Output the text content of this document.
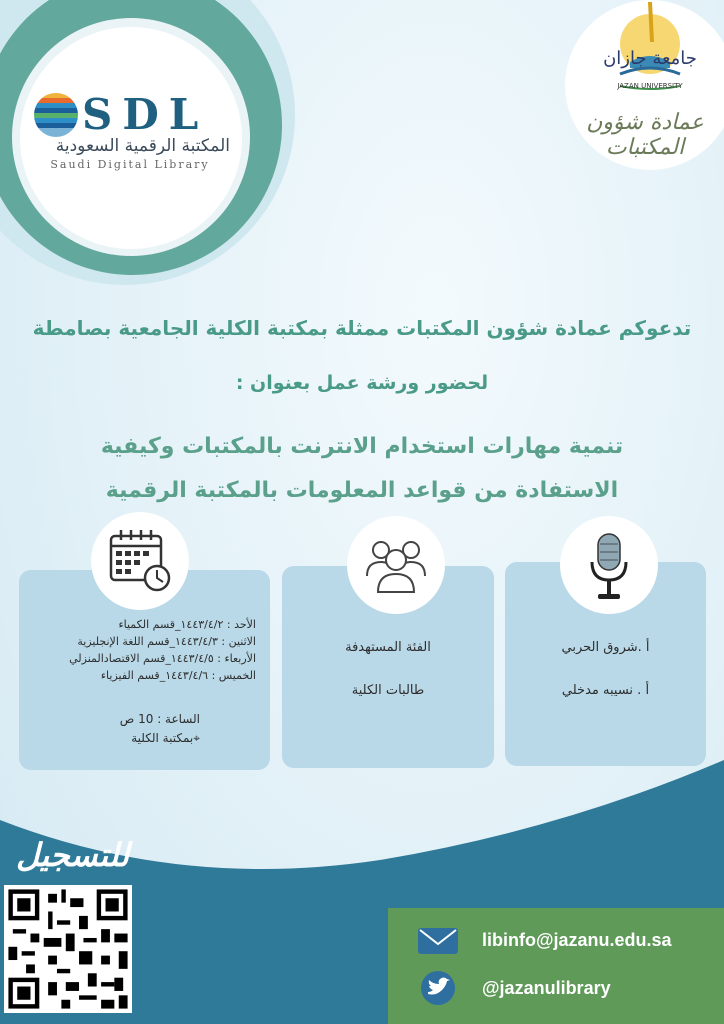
SDL
المكتبة الرقمية السعودية
Saudi Digital Library
جامعة جازان
JAZAN UNIVERSITY
عمادة شؤون المكتبات
تدعوكم عمادة شؤون المكتبات ممثلة بمكتبة الكلية الجامعية بصامطة
لحضور ورشة عمل بعنوان :
تنمية مهارات استخدام الانترنت بالمكتبات وكيفية
الاستفادة من قواعد المعلومات بالمكتبة الرقمية
أ .شروق الحربي
أ . نسيبه مدخلي
الفئة المستهدفة
طالبات الكلية
الأحد : ١٤٤٣/٤/٢_قسم الكمياء
الاثنين : ١٤٤٣/٤/٣_قسم اللغة الإنجليزية
الأربعاء : ١٤٤٣/٤/٥_قسم الاقتصادالمنزلي
الخميس : ١٤٤٣/٤/٦_قسم الفيزياء
الساعة : 10 ص
⌖بمكتبة الكلية
للتسجيل
libinfo@jazanu.edu.sa
@jazanulibrary
